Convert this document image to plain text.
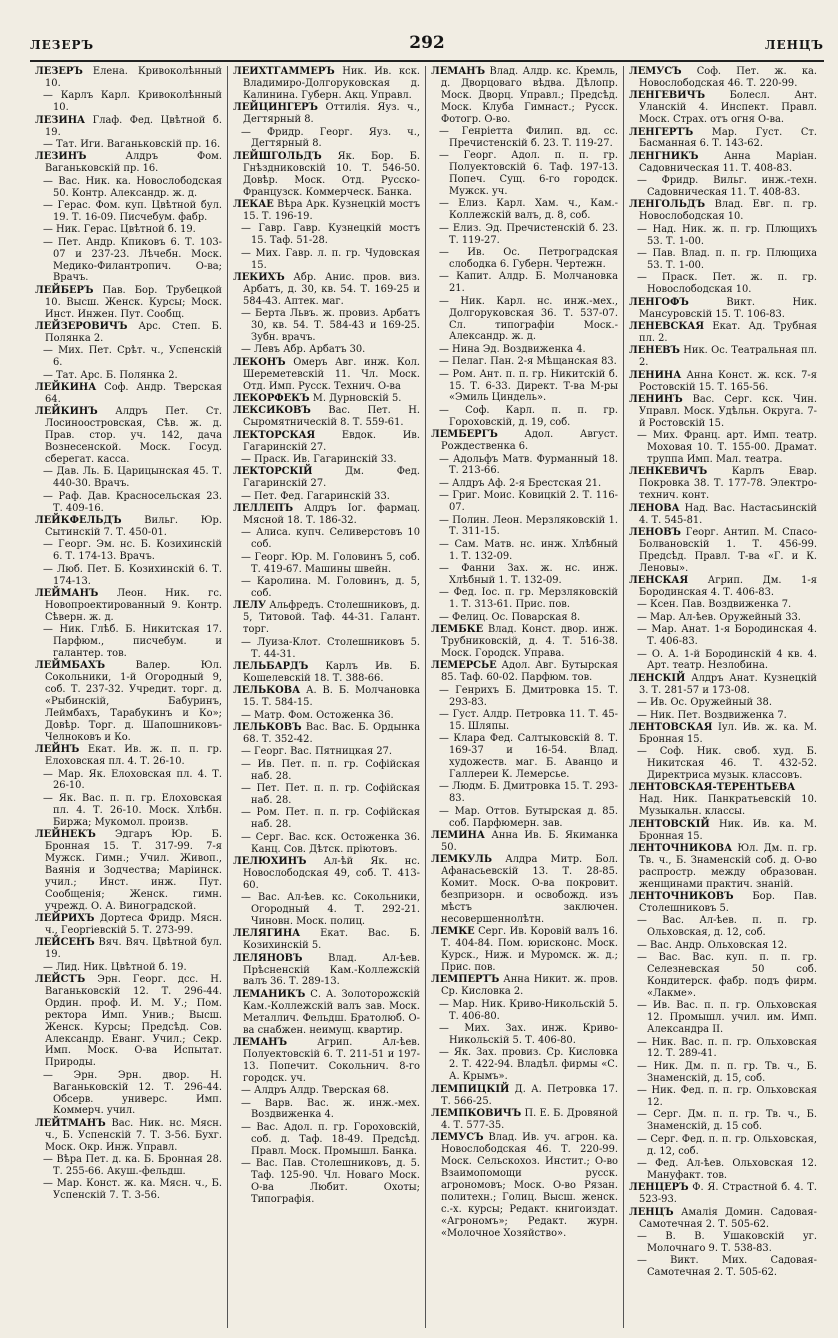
ЛЕЗЕРЪ	292	ЛЕНЦЪ
ЛЕЗЕРЪ Елена. Кривоколѣнный 10.
— Карлъ Карл. Кривоколѣнный 10.
ЛЕЗИНА Глаф. Фед. Цвѣтной б. 19.
— Тат. Иги. Ваганьковскій пр. 16.
ЛЕЗИНЪ	Алдръ Фом. Ваганьковскій пр. 16.
— Вас. Ник. ка. Новослободская 50. Контр. Александр. ж. д.
— Герас. Фом. куп. Цвѣтной бул. 19. Т. 16-09. Писчебум. фабр.
— Ник. Герас. Цвѣтной б. 19.
— Пет. Андр. Кпиковъ 6. Т. 103-07 и 237-23. Лѣчебн. Моск. Медико-Филантропич. О-ва; Врачъ.
ЛЕЙБЕРЪ Пав. Бор. Трубецкой 10. Высш. Женск. Курсы; Моск. Инст. Инжен. Пут. Сообщ.
ЛЕЙЗЕРОВИЧЪ Арс. Степ. Б. Полянка 2.
— Мих. Пет. Срѣт. ч., Успенскій 6.
— Тат. Арс. Б. Полянка 2.
ЛЕЙКИНА Соф. Андр. Тверская 64.
ЛЕЙКИНЪ Алдръ Пет. Ст. Лосиноостровская, Сѣв. ж. д. Прав. стор. уч. 142, дача Вознесенской. Моск. Госуд. сберегат. касса.
— Дав. Ль. Б. Царицынская 45. Т. 440-30. Врачъ.
— Раф. Дав. Красносельская 23. Т. 409-16.
ЛЕЙКФЕЛЬДЪ Вильг. Юр. Сытинскій 7. Т. 450-01.
— Георг. Эм. нс. Б. Козихинскій 6. Т. 174-13. Врачъ.
— Люб. Пет. Б. Козихинскій 6. Т. 174-13.
ЛЕЙМАНЪ Леон. Ник. гс. Новопроектированный 9. Контр. Сѣверн. ж. д.
— Ник. Глѣб. Б. Никитская 17. Парфюм., писчебум. и галантер. тов.
ЛЕЙМБАХЪ	Валер. Юл. Сокольники, 1-й Огородный 9, соб. Т. 237-32. Учредит. торг. д. «Рыбинскій, Бабуринъ, Леймбахъ, Тарабукинъ и Ко»; Довѣр. Торг. д. Шапошниковъ-Челноковъ и Ко.
ЛЕЙНЪ Екат. Ив. ж. п. п. гр. Елоховская пл. 4. Т. 26-10.
— Мар. Як. Елоховская пл. 4. Т. 26-10.
— Як. Вас. п. п. гр. Елоховская пл. 4. Т. 26-10. Моск. Хлѣбн. Биржа; Мукомол. произв.
ЛЕЙНЕКЪ Эдгаръ Юр. Б. Бронная 15. Т. 317-99. 7-я Мужск. Гимн.; Учил. Живоп., Ваянія и Зодчества; Маріинск. учил.; Инст. инж. Пут. Сообщенія; Женск. гимн. учрежд. О. А. Виноградской.
ЛЕЙРИХЪ Дортеса Фридр. Мясн. ч., Георгіевскій 5. Т. 273-99.
ЛЕЙСЕНЪ Вяч. Вяч. Цвѣтной бул. 19.
— Лид. Ник. Цвѣтной б. 19.
ЛЕЙСТЪ Эрн. Георг. дсс. Н. Ваганьковскій 12. Т. 296-44. Ордин. проф. И. М. У.; Пом. ректора Имп. Унив.; Высш. Женск. Курсы; Предсѣд. Сов. Александр. Еванг. Учил.; Секр. Имп. Моск. О-ва Испытат. Природы.
— Эрн. Эрн. двор. Н. Ваганьковскій 12. Т. 296-44. Обсерв. универс. Имп. Коммерч. учил.
ЛЕЙТМАНЪ Вас. Ник. нс. Мясн. ч., Б. Успенскій 7. Т. 3-56. Бухг. Моск. Окр. Инж. Управл.
— Вѣра Пет. д. ка. Б. Бронная 28. Т. 255-66. Акуш.-фельдш.
— Мар. Конст. ж. ка. Мясн. ч., Б. Успенскій 7. Т. 3-56.
ЛЕЙХТГАММЕРЪ Ник. Ив. кск. Владимиро-Долгоруковская д. Калинина. Губерн. Акц. Управл.
ЛЕЙЦИНГЕРЪ Оттилія. Яуз. ч., Дегтярный 8.
— Фридр. Георг. Яуз. ч., Дегтярный 8.
ЛЕЙШГОЛЬДЪ Як. Бор. Б. Гнѣздниковскій 10. Т. 546-50. Довѣр. Моск. Отд. Русско-Французск. Коммерческ. Банка.
ЛЕКАЕ Вѣра Арк. Кузнецкій мостъ 15. Т. 196-19.
— Гавр. Гавр. Кузнецкій мостъ 15. Таф. 51-28.
— Мих. Гавр. л. п. гр. Чудовская 15.
ЛЕКИХЪ Абр. Анис. пров. виз. Арбатъ, д. 30, кв. 54. Т. 169-25 и 584-43. Аптек. маг.
— Берта Львъ. ж. провиз. Арбатъ 30, кв. 54. Т. 584-43 и 169-25. Зубн. врачъ.
— Левъ Абр. Арбатъ 30.
ЛЕКОНЪ Омеръ Авг. инж. Кол. Шереметевскій 11. Чл. Моск. Отд. Имп. Русск. Технич. О-ва
ЛЕКОРФЕКЪ М. Дурновскій 5.
ЛЕКСИКОВЪ Вас. Пет. Н. Сыромятническій 8. Т. 559-61.
ЛЕКТОРСКАЯ	Евдок. Ив. Гагаринскій 27.
— Праск. Ив. Гагаринскій 33.
ЛЕКТОРСКІЙ	Дм. Фед. Гагаринскій 27.
— Пет. Фед. Гагаринскій 33.
ЛЕЛЛЕПЪ Алдръ Іог. фармац. Мясной 18. Т. 186-32.
— Алиса. купч. Селиверстовъ 10 соб.
— Георг. Юр. М. Головинъ 5, соб. Т. 419-67. Машины швейн.
— Каролина. М. Головинъ, д. 5, соб.
ЛЕЛУ Альфредъ. Столешниковъ, д. 5, Титовой. Таф. 44-31. Галант. торг.
— Луиза-Клот. Столешниковъ 5. Т. 44-31.
ЛЕЛЬБАРДЪ Карлъ Ив. Б. Кошелевскій 18. Т. 388-66.
ЛЕЛЬКОВА А. В. Б. Молчановка 15. Т. 584-15.
— Матр. Фом. Остоженка 36.
ЛЕЛЬКОВЪ Вас. Вас. Б. Ордынка 68. Т. 352-42.
— Георг. Вас. Пятницкая 27.
— Ив. Пет. п. п. гр. Софійская наб. 28.
— Пет. Пет. п. п. гр. Софійская наб. 28.
— Ром. Пет. п. п. гр. Софійская наб. 28.
— Серг. Вас. кск. Остоженка 36. Канц. Сов. Дѣтск. пріютовъ.
ЛЕЛЮХИНЪ Ал-ѣй Як. нс. Новослободская 49, соб. Т. 413-60.
— Вас. Ал-ѣев. кс. Сокольники, Огородный 4. Т. 292-21. Чиновн. Моск. полиц.
ЛЕЛЯГИНА Екат. Вас. Б. Козихинскій 5.
ЛЕЛЯНОВЪ	Влад. Ал-ѣев. Прѣсненскій Кам.-Коллежскій валъ 36. Т. 289-13.
ЛЕМАНИКЪ С. А. Золоторожскій Кам.-Коллежскій валъ зав. Моск. Металлич. Фельдш. Братолюб. О-ва снабжен. неимущ. квартир.
ЛЕМАНЪ	Агрип. Ал-ѣев. Полуектовскій 6. Т. 211-51 и 197-13. Попечит. Сокольнич. 8-го городск. уч.
— Алдръ Алдр. Тверская 68.
— Варв. Вас. ж. инж.-мех. Воздвиженка 4.
— Вас. Адол. п. гр. Гороховскій, соб. д. Таф. 18-49. Предсѣд. Правл. Моск. Промышл. Банка.
— Вас. Пав. Столешниковъ, д. 5. Таф. 125-90. Чл. Новаго Моск. О-ва Любит. Охоты; Типографія.
ЛЕМАНЪ Влад. Алдр. кс. Кремль, д. Дворцоваго вѣдва. Дѣлопр. Моск. Дворц. Управл.; Предсѣд. Моск. Клуба Гимнаст.; Русск. Фотогр. О-во.
— Генріетта Филип. вд. сс. Пречистенскій б. 23. Т. 119-27.
— Георг. Адол. п. п. гр. Полуектовскій 6. Таф. 197-13. Попеч. Сущ. 6-го городск. Мужск. уч.
— Елиз. Карл. Хам. ч., Кам.-Коллежскій валъ, д. 8, соб.
— Елиз. Эд. Пречистенскій б. 23. Т. 119-27.
— Ив. Ос. Петроградская слободка 6. Губерн. Чертежн.
— Капит. Алдр. Б. Молчановка 21.
— Ник. Карл. нс. инж.-мех., Долгоруковская 36. Т. 537-07. Сл. типографіи Моск.-Александр. ж. д.
— Нина Эд. Воздвиженка 4.
— Пелаг. Пан. 2-я Мѣщанская 83.
— Ром. Ант. п. п. гр. Никитскій б. 15. Т. 6-33. Директ. Т-ва М-ры «Эмиль Циндель».
— Соф. Карл. п. п. гр. Гороховскій, д. 19, соб.
ЛЕМБЕРГЪ	Адол. Август. Рождественка 6.
— Адольфъ Матв. Фурманный 18. Т. 213-66.
— Алдръ Аф. 2-я Брестская 21.
— Григ. Моис. Ковицкій 2. Т. 116-07.
— Полин. Леон. Мерзляковскій 1. Т. 311-15.
— Сам. Матв. нс. инж. Хлѣбный 1. Т. 132-09.
— Фанни Зах. ж. нс. инж. Хлѣбный 1. Т. 132-09.
— Фед. Іос. п. гр. Мерзляковскій 1. Т. 313-61. Прис. пов.
— Фелиц. Ос. Поварская 8.
ЛЕМБКЕ Влад. Конст. двор. инж. Трубниковскій, д. 4. Т. 516-38. Моск. Городск. Управа.
ЛЕМЕРСЬЕ Адол. Авг. Бутырская 85. Таф. 60-02. Парфюм. тов.
— Генрихъ Б. Дмитровка 15. Т. 293-83.
— Густ. Алдр. Петровка 11. Т. 45-15. Шляпы.
— Клара Фед. Салтыковскій 8. Т. 169-37 и 16-54. Влад. художеств. маг. Б. Аванцо и Галлереи К. Лемерсье.
— Людм. Б. Дмитровка 15. Т. 293-83.
— Мар. Оттов. Бутырская д. 85. соб. Парфюмерн. зав.
ЛЕМИНА Анна Ив. Б. Якиманка 50.
ЛЕМКУЛЬ Алдра Митр. Бол. Афанасьевскій 13. Т. 28-85. Комит. Моск. О-ва покровит. безпризорн. и освобожд. изъ мѣстъ заключен. несовершеннолѣтн.
ЛЕМКЕ Серг. Ив. Коровій валъ 16. Т. 404-84. Пом. юрисконс. Моск. Курск., Ниж. и Муромск. ж. д.; Прис. пов.
ЛЕМПЕРТЪ Анна Никит. ж. пров. Ср. Кисловка 2.
— Мар. Ник. Криво-Никольскій 5. Т. 406-80.
— Мих. Зах. инж. Криво-Никольскій 5. Т. 406-80.
— Як. Зах. провиз. Ср. Кисловка 2. Т. 422-94. Владѣл. фирмы «С. А. Крымъ».
ЛЕМПИЦКІЙ Д. А. Петровка 17. Т. 566-25.
ЛЕМПКОВИЧЪ П. Е. Б. Дровяной 4. Т. 577-35.
ЛЕМУСЪ Влад. Ив. уч. агрон. ка. Новослободская 46. Т. 220-99. Моск. Сельскохоз. Инстит.; О-во Взаимопомощи русск. агрономовъ; Моск. О-во Рязан. политехн.; Голиц. Высш. женск. с.-х. курсы; Редакт. книгоиздат. «Агрономъ»; Редакт. журн. «Молочное Хозяйство».
ЛЕМУСЪ Соф. Пет. ж. ка. Новослободская 46. Т. 220-99.
ЛЕНГЕВИЧЪ Болесл. Ант. Уланскій 4. Инспект. Правл. Моск. Страх. отъ огня О-ва.
ЛЕНГЕРТЪ Мар. Густ. Ст. Басманная 6. Т. 143-62.
ЛЕНГНИКЪ	Анна Маріан. Садовническая 11. Т. 408-83.
— Фридр. Вильг. инж.-техн. Садовническая 11. Т. 408-83.
ЛЕНГОЛЬДЪ Влад. Евг. п. гр. Новослободская 10.
— Над. Ник. ж. п. гр. Плющихъ 53. Т. 1-00.
— Пав. Влад. п. п. гр. Плющиха 53. Т. 1-00.
— Праск. Пет. ж. п. гр. Новослободская 10.
ЛЕНГОФЪ	Викт. Ник. Мансуровскій 15. Т. 106-83.
ЛЕНЕВСКАЯ Екат. Ад. Трубная пл. 2.
ЛЕНЕВЪ Ник. Ос. Театральная пл. 2.
ЛЕНИНА Анна Конст. ж. кск. 7-я Ростовскій 15. Т. 165-56.
ЛЕНИНЪ Вас. Серг. кск. Чин. Управл. Моск. Удѣльн. Округа. 7-й Ростовскій 15.
— Мих. Франц. арт. Имп. театр. Моховая 10. Т. 155-00. Драмат. труппа Имп. Мал. театра.
ЛЕНКЕВИЧЪ Карлъ Евар. Покровка 38. Т. 177-78. Электро-технич. конт.
ЛЕНОВА Над. Вас. Настасьинскій 4. Т. 545-81.
ЛЕНОВЪ Георг. Антип. М. Спасо-Болвановскій 1. Т. 456-99. Предсѣд. Правл. Т-ва «Г. и К. Леновы».
ЛЕНСКАЯ Агрип. Дм. 1-я Бородинская 4. Т. 406-83.
— Ксен. Пав. Воздвиженка 7.
— Мар. Ал-ѣев. Оружейный 33.
— Мар. Анат. 1-я Бородинская 4. Т. 406-83.
— О. А. 1-й Бородинскій 4 кв. 4. Арт. театр. Незлобина.
ЛЕНСКІЙ Алдръ Анат. Кузнецкій 3. Т. 281-57 и 173-08.
— Ив. Ос. Оружейный 38.
— Ник. Пет. Воздвиженка 7.
ЛЕНТОВСКАЯ Іул. Ив. ж. ка. М. Бронная 15.
— Соф. Ник. своб. худ. Б. Никитская 46. Т. 432-52. Директриса музык. классовъ.
ЛЕНТОВСКАЯ-ТЕРЕНТЬЕВА Над. Ник. Панкратьевскій 10. Музыкальн. классы.
ЛЕНТОВСКІЙ Ник. Ив. ка. М. Бронная 15.
ЛЕНТОЧНИКОВА Юл. Дм. п. гр. Тв. ч., Б. Знаменскій соб. д. О-во распростр. между образован. женщинами практич. знаній.
ЛЕНТОЧНИКОВЪ Бор. Пав. Столешниковъ 5.
— Вас. Ал-ѣев. п. п. гр. Ольховская, д. 12, соб.
— Вас. Андр. Ольховская 12.
— Вас. Вас. куп. п. п. гр. Селезневская 50 соб. Кондитерск. фабр. подъ фирм. «Лакме».
— Ив. Вас. п. п. гр. Ольховская 12. Промышл. учил. им. Имп. Александра II.
— Ник. Вас. п. п. гр. Ольховская 12. Т. 289-41.
— Ник. Дм. п. п. гр. Тв. ч., Б. Знаменскій, д. 15, соб.
— Ник. Фед. п. п. гр. Ольховская 12.
— Серг. Дм. п. п. гр. Тв. ч., Б. Знаменскій, д. 15 соб.
— Серг. Фед. п. п. гр. Ольховская, д. 12, соб.
— Фед. Ал-ѣев. Ольховская 12. Мануфакт. тов.
ЛЕНЦЕРЪ Ф. Я. Страстной б. 4. Т. 523-93.
ЛЕНЦЪ Амалія Домин. Садовая-Самотечная 2. Т. 505-62.
— В. В. Ушаковскій уг. Молочнаго 9. Т. 538-83.
— Викт. Мих. Садовая-Самотечная 2. Т. 505-62.
